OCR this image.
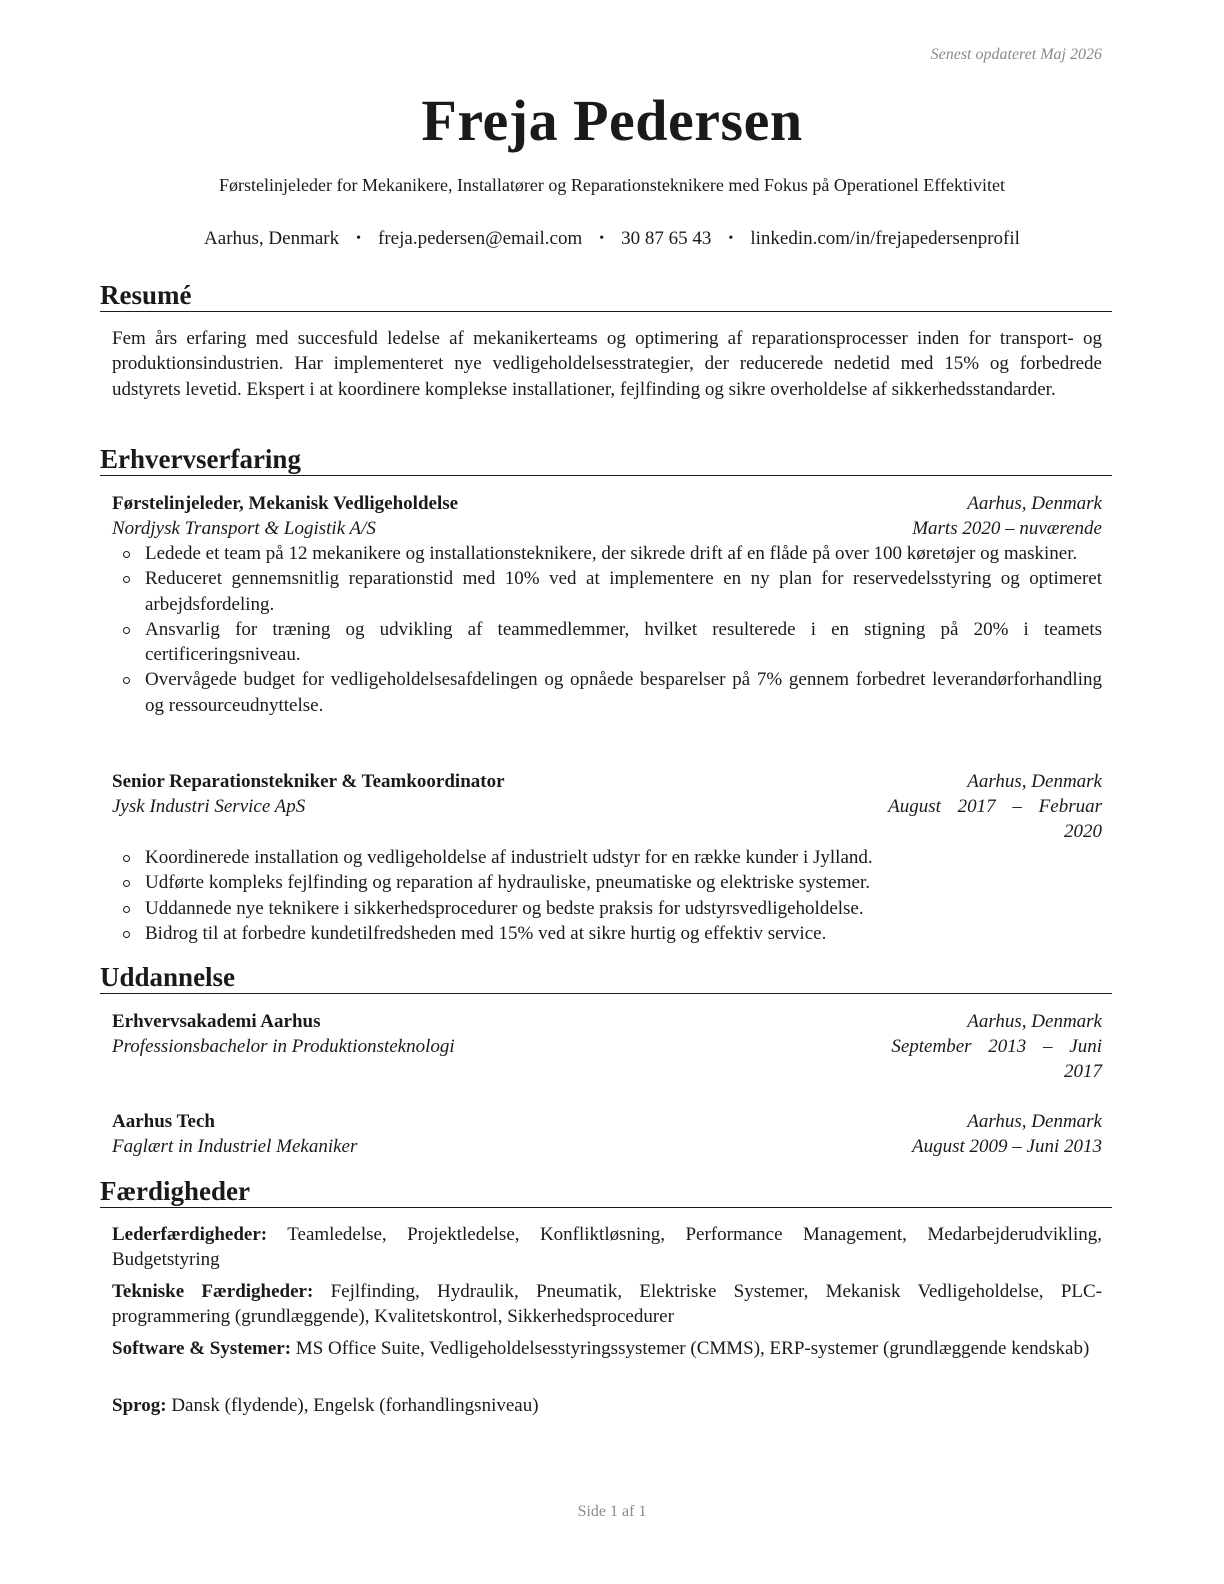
Senest opdateret Maj 2026
Freja Pedersen
Førstelinjeleder for Mekanikere, Installatører og Reparationsteknikere med Fokus på Operationel Effektivitet
Aarhus, Denmark • freja.pedersen@email.com • 30 87 65 43 • linkedin.com/in/frejapedersenprofil
Resumé
Fem års erfaring med succesfuld ledelse af mekanikerteams og optimering af reparationsprocesser inden for transport- og produktionsindustrien. Har implementeret nye vedligeholdelsesstrategier, der reducerede nedetid med 15% og forbedrede udstyrets levetid. Ekspert i at koordinere komplekse installationer, fejlfinding og sikre overholdelse af sikkerhedsstandarder.
Erhvervserfaring
Førstelinjeleder, Mekanisk Vedligeholdelse	Aarhus, Denmark
Nordjysk Transport & Logistik A/S	Marts 2020 – nuværende
Ledede et team på 12 mekanikere og installationsteknikere, der sikrede drift af en flåde på over 100 køretøjer og maskiner.
Reduceret gennemsnitlig reparationstid med 10% ved at implementere en ny plan for reservedelsstyring og optimeret arbejdsfordeling.
Ansvarlig for træning og udvikling af teammedlemmer, hvilket resulterede i en stigning på 20% i teamets certificeringsniveau.
Overvågede budget for vedligeholdelsesafdelingen og opnåede besparelser på 7% gennem forbedret leverandørforhandling og ressourceudnyttelse.
Senior Reparationstekniker & Teamkoordinator	Aarhus, Denmark
Jysk Industri Service ApS	August 2017 – Februar
2020
Koordinerede installation og vedligeholdelse af industrielt udstyr for en række kunder i Jylland.
Udførte kompleks fejlfinding og reparation af hydrauliske, pneumatiske og elektriske systemer.
Uddannede nye teknikere i sikkerhedsprocedurer og bedste praksis for udstyrsvedligeholdelse.
Bidrog til at forbedre kundetilfredsheden med 15% ved at sikre hurtig og effektiv service.
Uddannelse
Erhvervsakademi Aarhus	Aarhus, Denmark
Professionsbachelor in Produktionsteknologi	September 2013 – Juni
2017
Aarhus Tech	Aarhus, Denmark
Faglært in Industriel Mekaniker	August 2009 – Juni 2013
Færdigheder
Lederfærdigheder: Teamledelse, Projektledelse, Konfliktløsning, Performance Management, Medarbejderudvikling, Budgetstyring
Tekniske Færdigheder: Fejlfinding, Hydraulik, Pneumatik, Elektriske Systemer, Mekanisk Vedligeholdelse, PLC-programmering (grundlæggende), Kvalitetskontrol, Sikkerhedsprocedurer
Software & Systemer: MS Office Suite, Vedligeholdelsesstyringssystemer (CMMS), ERP-systemer (grundlæggende kendskab)
Sprog: Dansk (flydende), Engelsk (forhandlingsniveau)
Side 1 af 1
